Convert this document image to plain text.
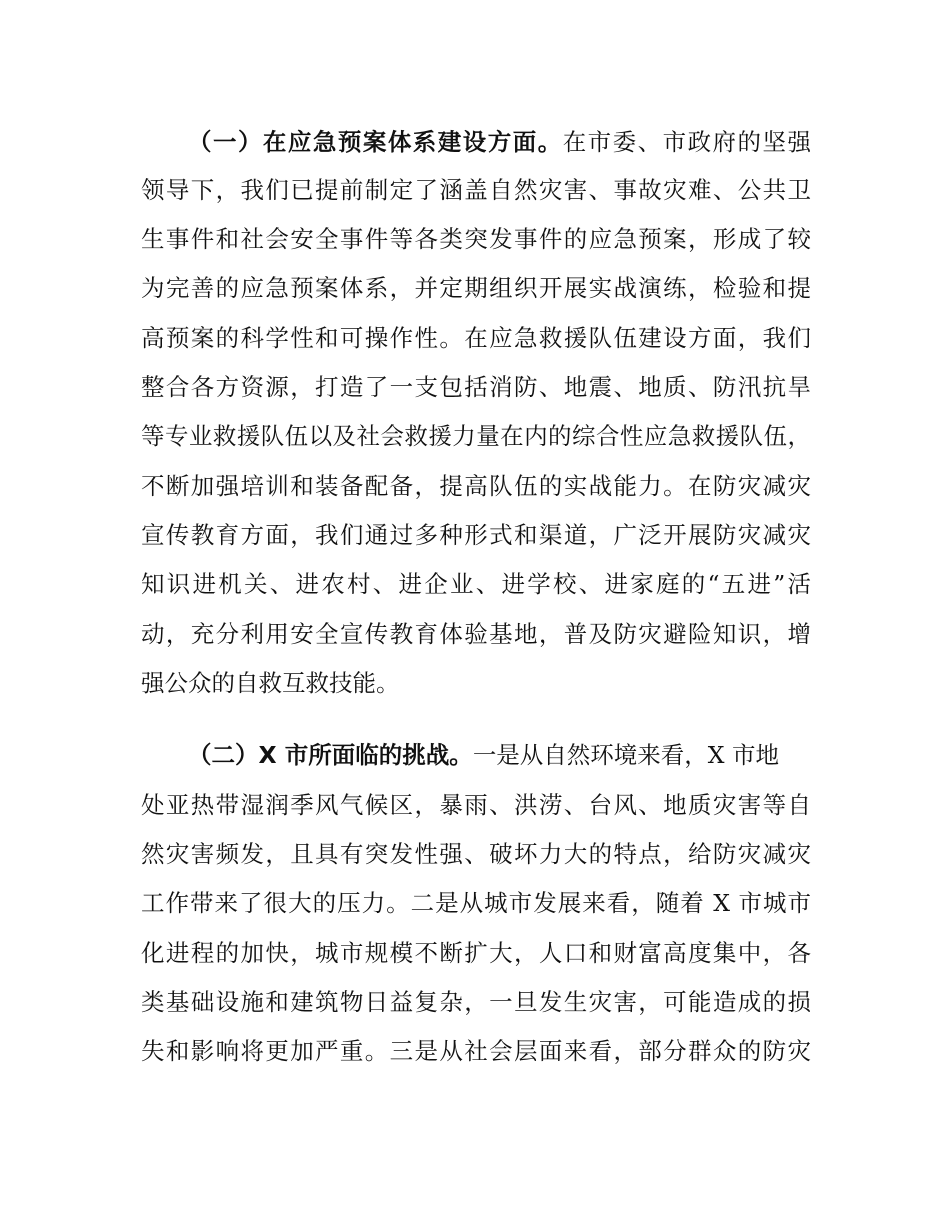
（一）在应急预案体系建设方面。在市委、市政府的坚强
领导下，我们已提前制定了涵盖自然灾害、事故灾难、公共卫
生事件和社会安全事件等各类突发事件的应急预案，形成了较
为完善的应急预案体系，并定期组织开展实战演练，检验和提
高预案的科学性和可操作性。在应急救援队伍建设方面，我们
整合各方资源，打造了一支包括消防、地震、地质、防汛抗旱
等专业救援队伍以及社会救援力量在内的综合性应急救援队伍，
不断加强培训和装备配备，提高队伍的实战能力。在防灾减灾
宣传教育方面，我们通过多种形式和渠道，广泛开展防灾减灾
知识进机关、进农村、进企业、进学校、进家庭的“五进”活
动，充分利用安全宣传教育体验基地，普及防灾避险知识，增
强公众的自救互救技能。
（二）X 市所面临的挑战。一是从自然环境来看，X 市地
处亚热带湿润季风气候区，暴雨、洪涝、台风、地质灾害等自
然灾害频发，且具有突发性强、破坏力大的特点，给防灾减灾
工作带来了很大的压力。二是从城市发展来看，随着 X 市城市
化进程的加快，城市规模不断扩大，人口和财富高度集中，各
类基础设施和建筑物日益复杂，一旦发生灾害，可能造成的损
失和影响将更加严重。三是从社会层面来看，部分群众的防灾
